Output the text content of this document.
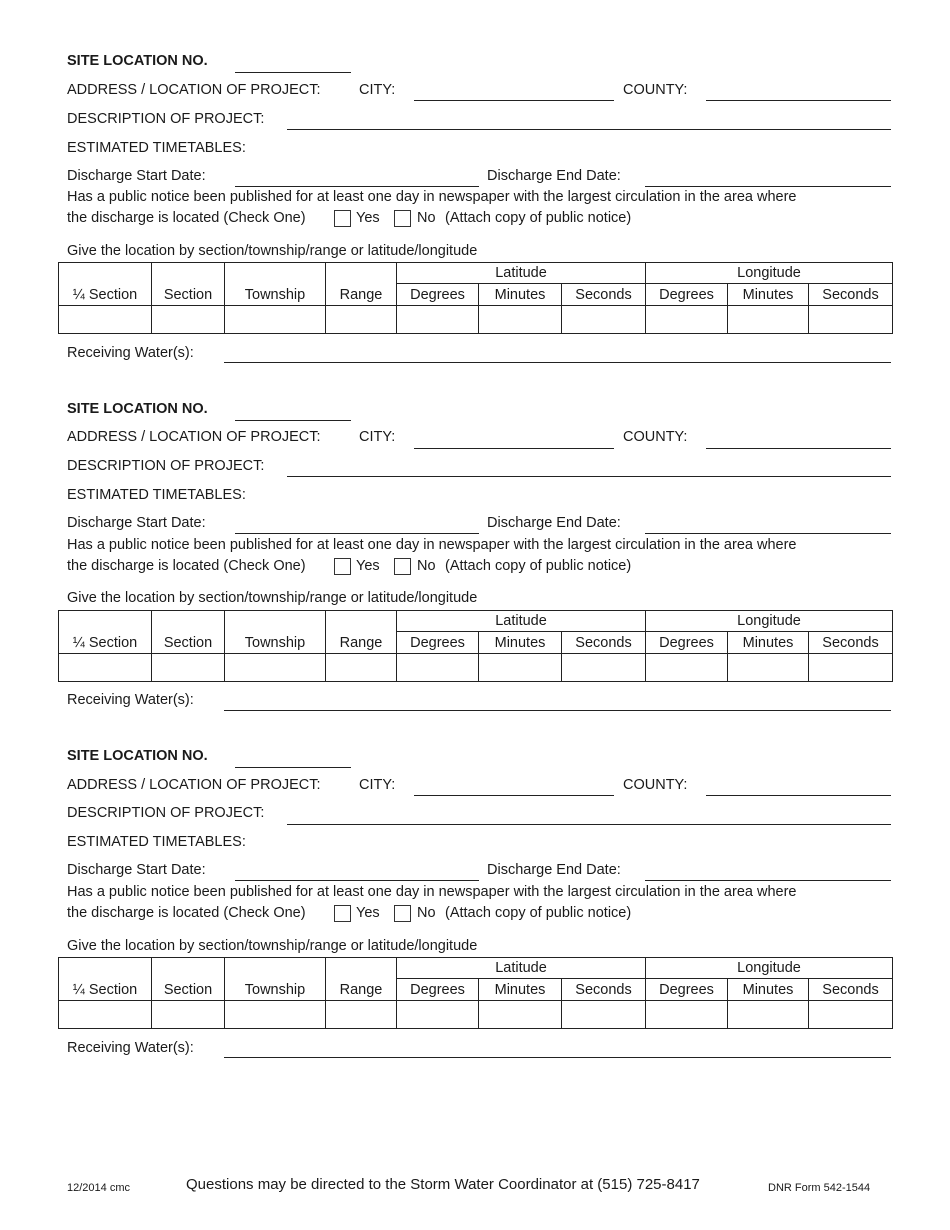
SITE LOCATION NO.
ADDRESS / LOCATION OF PROJECT:	CITY:	COUNTY:
DESCRIPTION OF PROJECT:
ESTIMATED TIMETABLES:
Discharge Start Date:	Discharge End Date:
Has a public notice been published for at least one day in newspaper with the largest circulation in the area where
the discharge is located (Check One)	Yes	No (Attach copy of public notice)
Give the location by section/township/range or latitude/longitude
¼ Section	Section	Township	Range	Latitude			Longitude		
				Degrees	Minutes	Seconds	Degrees	Minutes	Seconds

Receiving Water(s):
SITE LOCATION NO.
ADDRESS / LOCATION OF PROJECT:	CITY:	COUNTY:
DESCRIPTION OF PROJECT:
ESTIMATED TIMETABLES:
Discharge Start Date:	Discharge End Date:
Has a public notice been published for at least one day in newspaper with the largest circulation in the area where
the discharge is located (Check One)	Yes	No (Attach copy of public notice)
Give the location by section/township/range or latitude/longitude
¼ Section	Section	Township	Range	Latitude			Longitude		
				Degrees	Minutes	Seconds	Degrees	Minutes	Seconds

Receiving Water(s):
SITE LOCATION NO.
ADDRESS / LOCATION OF PROJECT:	CITY:	COUNTY:
DESCRIPTION OF PROJECT:
ESTIMATED TIMETABLES:
Discharge Start Date:	Discharge End Date:
Has a public notice been published for at least one day in newspaper with the largest circulation in the area where
the discharge is located (Check One)	Yes	No (Attach copy of public notice)
Give the location by section/township/range or latitude/longitude
¼ Section	Section	Township	Range	Latitude			Longitude		
				Degrees	Minutes	Seconds	Degrees	Minutes	Seconds

Receiving Water(s):
12/2014 cmc	Questions may be directed to the Storm Water Coordinator at (515) 725-8417	DNR Form 542-1544
